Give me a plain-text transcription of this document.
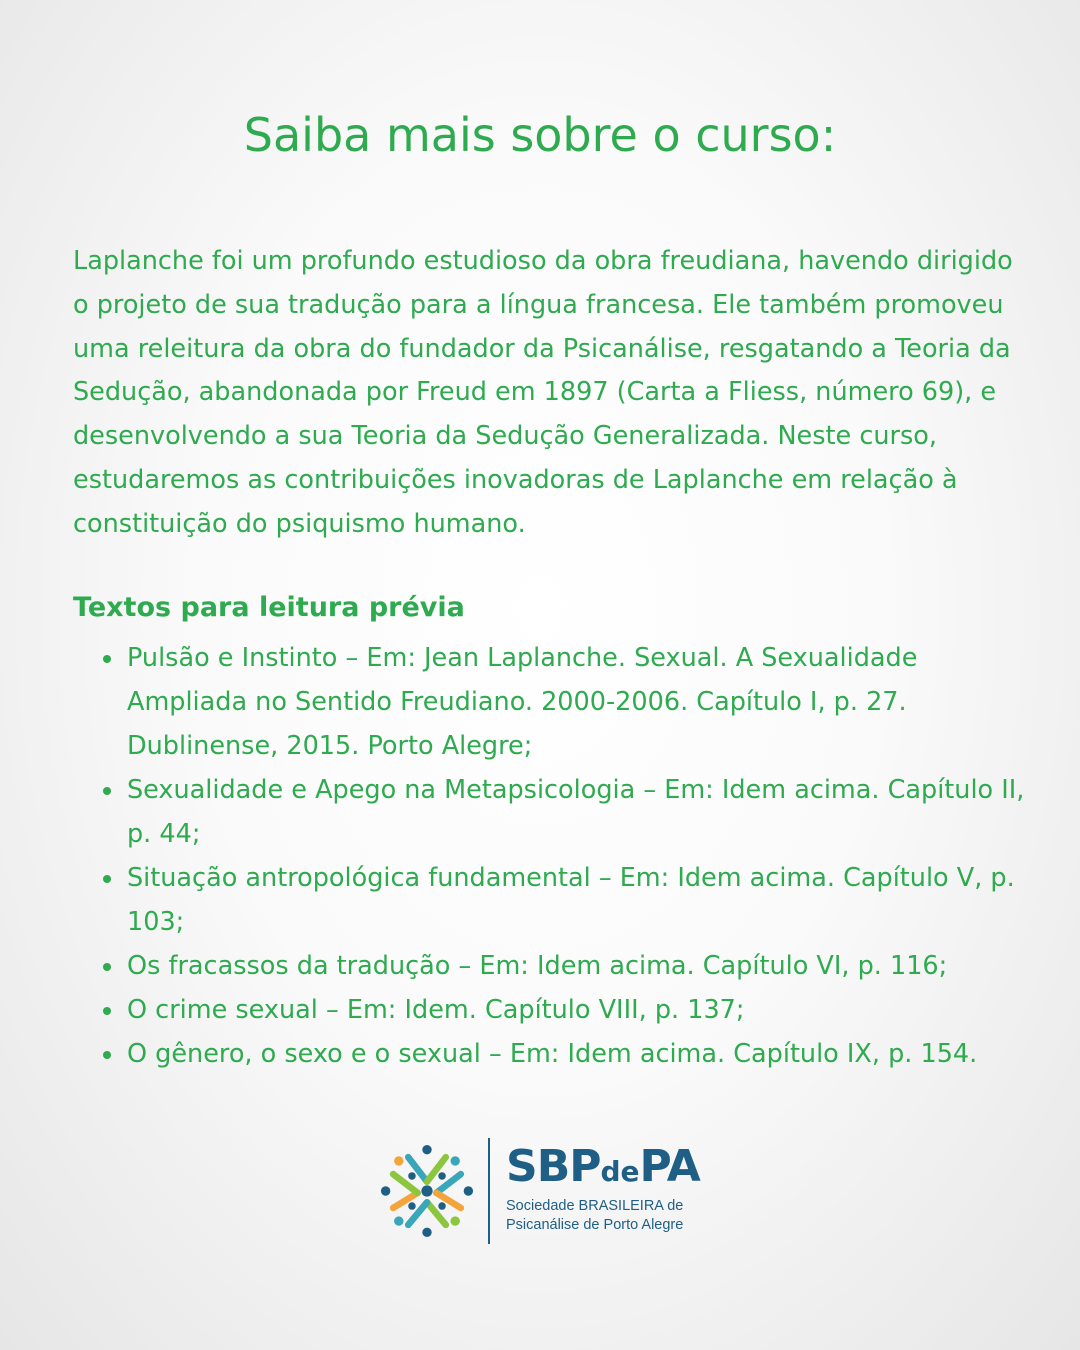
Saiba mais sobre o curso:

Laplanche foi um profundo estudioso da obra freudiana, havendo dirigido o projeto de sua tradução para a língua francesa. Ele também promoveu uma releitura da obra do fundador da Psicanálise, resgatando a Teoria da Sedução, abandonada por Freud em 1897 (Carta a Fliess, número 69), e desenvolvendo a sua Teoria da Sedução Generalizada. Neste curso, estudaremos as contribuições inovadoras de Laplanche em relação à constituição do psiquismo humano.

Textos para leitura prévia
Pulsão e Instinto – Em: Jean Laplanche. Sexual. A Sexualidade Ampliada no Sentido Freudiano. 2000-2006. Capítulo I, p. 27. Dublinense, 2015. Porto Alegre;
Sexualidade e Apego na Metapsicologia – Em: Idem acima. Capítulo II, p. 44;
Situação antropológica fundamental – Em: Idem acima. Capítulo V, p. 103;
Os fracassos da tradução – Em: Idem acima. Capítulo VI, p. 116;
O crime sexual – Em: Idem. Capítulo VIII, p. 137;
O gênero, o sexo e o sexual – Em: Idem acima. Capítulo IX, p. 154.
SBPdePA
Sociedade BRASILEIRA de
Psicanálise de Porto Alegre
